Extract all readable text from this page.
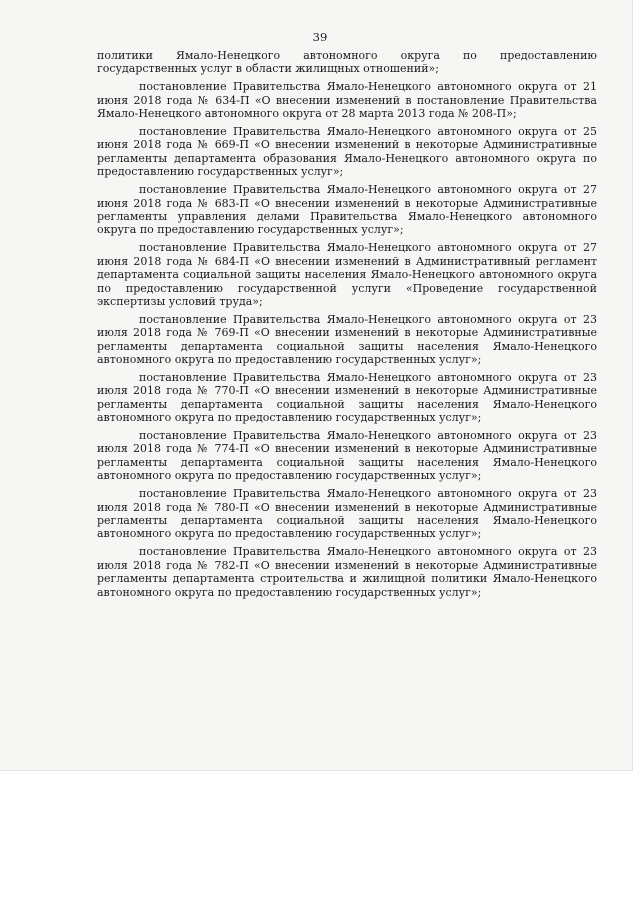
39

политики Ямало-Ненецкого автономного округа по предоставлению государственных услуг в области жилищных отношений»;

постановление Правительства Ямало-Ненецкого автономного округа от 21 июня 2018 года № 634-П «О внесении изменений в постановление Правительства Ямало-Ненецкого автономного округа от 28 марта 2013 года № 208-П»;

постановление Правительства Ямало-Ненецкого автономного округа от 25 июня 2018 года № 669-П «О внесении изменений в некоторые Административные регламенты департамента образования Ямало-Ненецкого автономного округа по предоставлению государственных услуг»;

постановление Правительства Ямало-Ненецкого автономного округа от 27 июня 2018 года № 683-П «О внесении изменений в некоторые Административные регламенты управления делами Правительства Ямало-Ненецкого автономного округа по предоставлению государственных услуг»;

постановление Правительства Ямало-Ненецкого автономного округа от 27 июня 2018 года № 684-П «О внесении изменений в Административный регламент департамента социальной защиты населения Ямало-Ненецкого автономного округа по предоставлению государственной услуги «Проведение государственной экспертизы условий труда»;

постановление Правительства Ямало-Ненецкого автономного округа от 23 июля 2018 года № 769-П «О внесении изменений в некоторые Административные регламенты департамента социальной защиты населения Ямало-Ненецкого автономного округа по предоставлению государственных услуг»;

постановление Правительства Ямало-Ненецкого автономного округа от 23 июля 2018 года № 770-П «О внесении изменений в некоторые Административные регламенты департамента социальной защиты населения Ямало-Ненецкого автономного округа по предоставлению государственных услуг»;

постановление Правительства Ямало-Ненецкого автономного округа от 23 июля 2018 года № 774-П «О внесении изменений в некоторые Административные регламенты департамента социальной защиты населения Ямало-Ненецкого автономного округа по предоставлению государственных услуг»;

постановление Правительства Ямало-Ненецкого автономного округа от 23 июля 2018 года № 780-П «О внесении изменений в некоторые Административные регламенты департамента социальной защиты населения Ямало-Ненецкого автономного округа по предоставлению государственных услуг»;

постановление Правительства Ямало-Ненецкого автономного округа от 23 июля 2018 года № 782-П «О внесении изменений в некоторые Административные регламенты департамента строительства и жилищной политики Ямало-Ненецкого автономного округа по предоставлению государственных услуг»;
